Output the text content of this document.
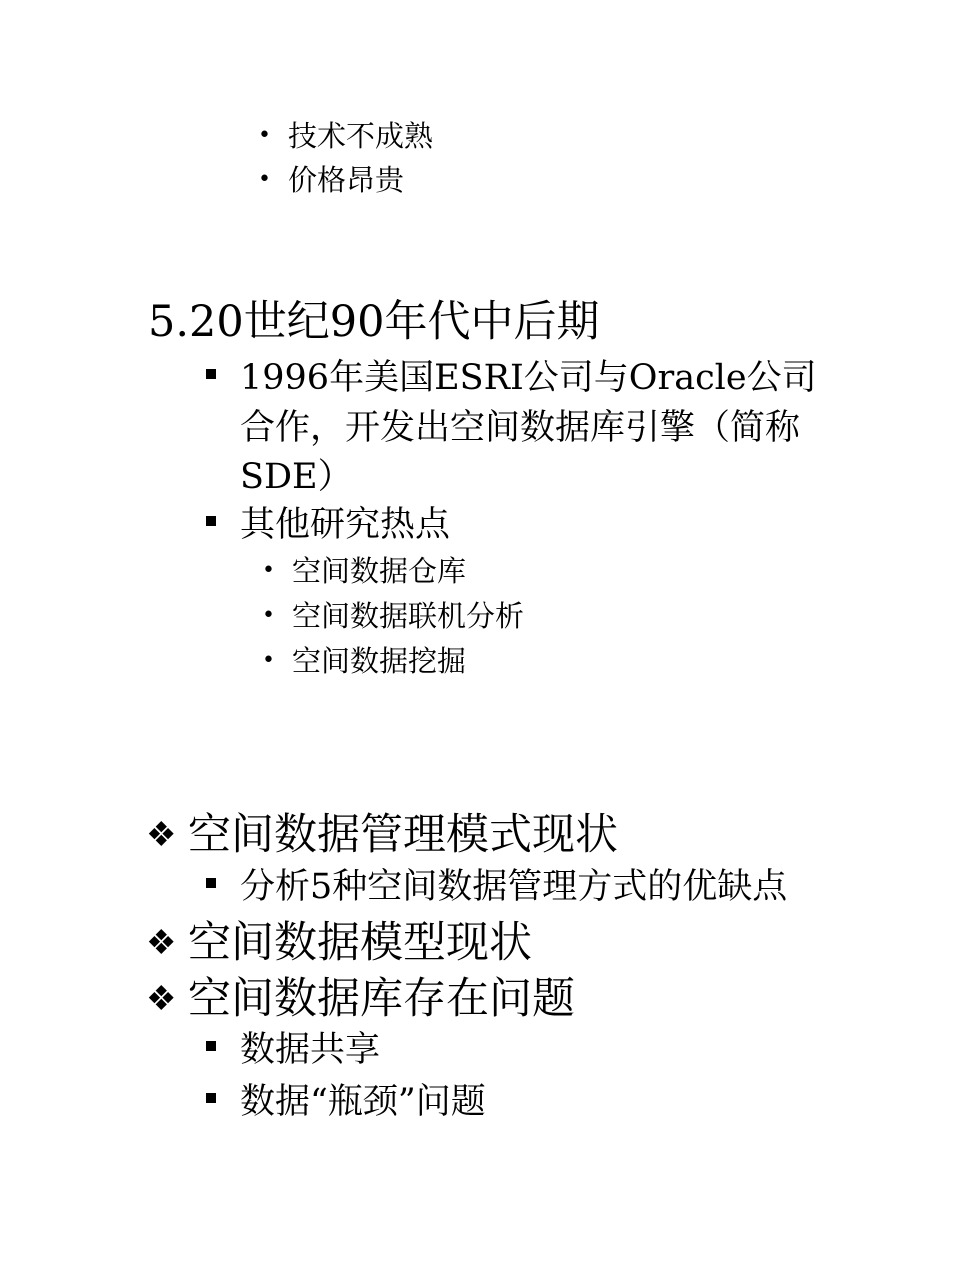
• 技术不成熟
• 价格昂贵
5.20世纪90年代中后期
1996年美国ESRI公司与Oracle公司
合作，开发出空间数据库引擎（简称
SDE）
其他研究热点
• 空间数据仓库
• 空间数据联机分析
• 空间数据挖掘
❖ 空间数据管理模式现状
分析5种空间数据管理方式的优缺点
❖ 空间数据模型现状
❖ 空间数据库存在问题
数据共享
数据“瓶颈”问题
